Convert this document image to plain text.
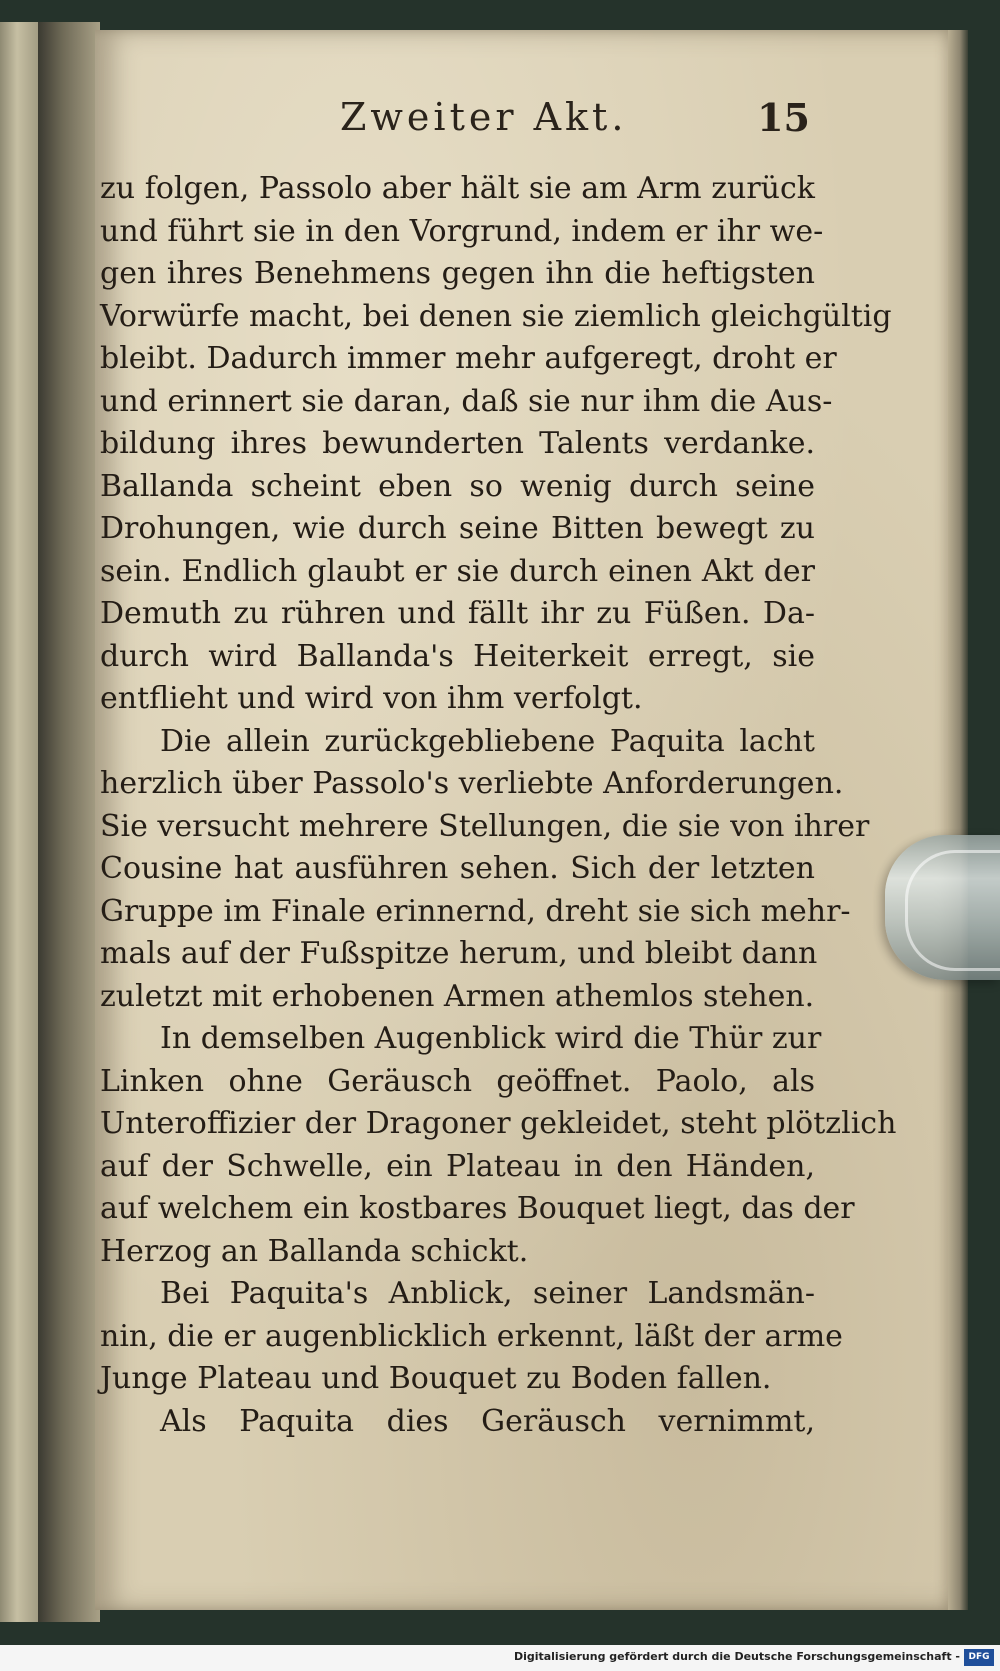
Zweiter Akt.	15
zu folgen, Passolo aber hält sie am Arm zurück
und führt sie in den Vorgrund, indem er ihr we-
gen ihres Benehmens gegen ihn die heftigsten
Vorwürfe macht, bei denen sie ziemlich gleichgültig
bleibt. Dadurch immer mehr aufgeregt, droht er
und erinnert sie daran, daß sie nur ihm die Aus-
bildung ihres bewunderten Talents verdanke.
Ballanda scheint eben so wenig durch seine
Drohungen, wie durch seine Bitten bewegt zu
sein. Endlich glaubt er sie durch einen Akt der
Demuth zu rühren und fällt ihr zu Füßen. Da-
durch wird Ballanda's Heiterkeit erregt, sie
entflieht und wird von ihm verfolgt.
Die allein zurückgebliebene Paquita lacht
herzlich über Passolo's verliebte Anforderungen.
Sie versucht mehrere Stellungen, die sie von ihrer
Cousine hat ausführen sehen. Sich der letzten
Gruppe im Finale erinnernd, dreht sie sich mehr-
mals auf der Fußspitze herum, und bleibt dann
zuletzt mit erhobenen Armen athemlos stehen.
In demselben Augenblick wird die Thür zur
Linken ohne Geräusch geöffnet. Paolo, als
Unteroffizier der Dragoner gekleidet, steht plötzlich
auf der Schwelle, ein Plateau in den Händen,
auf welchem ein kostbares Bouquet liegt, das der
Herzog an Ballanda schickt.
Bei Paquita's Anblick, seiner Landsmän-
nin, die er augenblicklich erkennt, läßt der arme
Junge Plateau und Bouquet zu Boden fallen.
Als Paquita dies Geräusch vernimmt,
Digitalisierung gefördert durch die Deutsche Forschungsgemeinschaft - DFG
